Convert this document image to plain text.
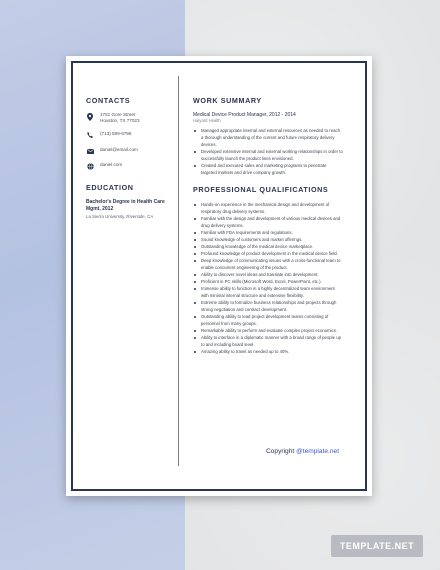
CONTACTS
1751 Gore Street
Houston, TX 77023
(713) 589-6796
daniel@email.com
daniel.com
EDUCATION
Bachelor's Degree in Health Care Mgmt, 2012
La Sierra University, Riverside, CA
WORK SUMMARY
Medical Device Product Manager, 2012 - 2014
Halyard Health
Managed appropriate internal and external resources as needed to reach a thorough understanding of the current and future respiratory delivery devices.
Developed extensive internal and external working relationships in order to successfully launch the product lines envisioned.
Created and executed sales and marketing programs to penetrate targeted markets and drive company growth.
PROFESSIONAL QUALIFICATIONS
Hands-on experience in the mechanical design and development of respiratory drug delivery systems.
Familiar with the design and development of various medical devices and drug delivery systems.
Familiar with FDA requirements and regulations.
Sound knowledge of customers and market offerings.
Outstanding knowledge of the medical device marketplace.
Profound knowledge of product development in the medical device field.
Deep knowledge of communicating issues with a cross-functional team to enable concurrent engineering of the product.
Ability to discover novel ideas and translate into development.
Proficient in PC skills (Microsoft Word, Excel, PowerPoint, etc.).
Immense ability to function in a highly decentralized team environment with minimal internal structure and extensive flexibility.
Extreme ability to formalize business relationships and projects through strong negotiation and contract development.
Outstanding ability to lead project development teams consisting of personnel from many groups.
Remarkable ability to perform and evaluate complex project economics.
Ability to interface in a diplomatic manner with a broad range of people up to and including board level.
Amazing ability to travel as needed up to 40%.
Copyright @template.net
TEMPLATE.NET
